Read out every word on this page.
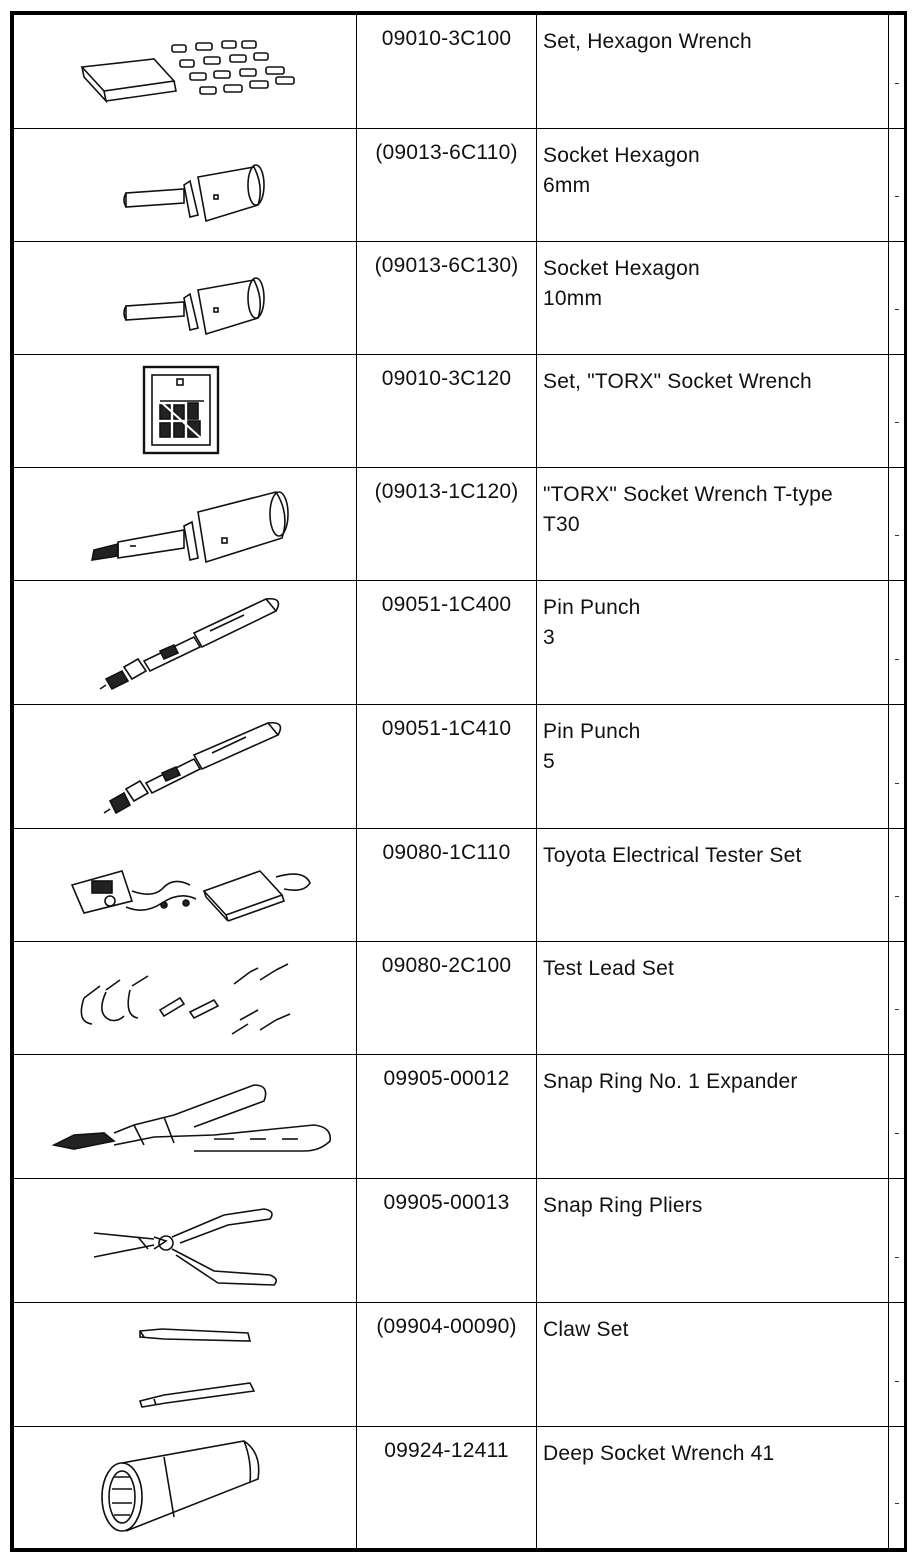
	09010-3C100	Set, Hexagon Wrench	

	(09013-6C110)	Socket Hexagon
6mm	

	(09013-6C130)	Socket Hexagon
10mm	

	09010-3C120	Set, "TORX" Socket Wrench	

	(09013-1C120)	"TORX" Socket Wrench T-type
T30	

	09051-1C400	Pin Punch
3	

	09051-1C410	Pin Punch
5	

	09080-1C110	Toyota Electrical Tester Set	

	09080-2C100	Test Lead Set	

	09905-00012	Snap Ring No. 1 Expander	

	09905-00013	Snap Ring Pliers	

	(09904-00090)	Claw Set	

	09924-12411	Deep Socket Wrench 41	
